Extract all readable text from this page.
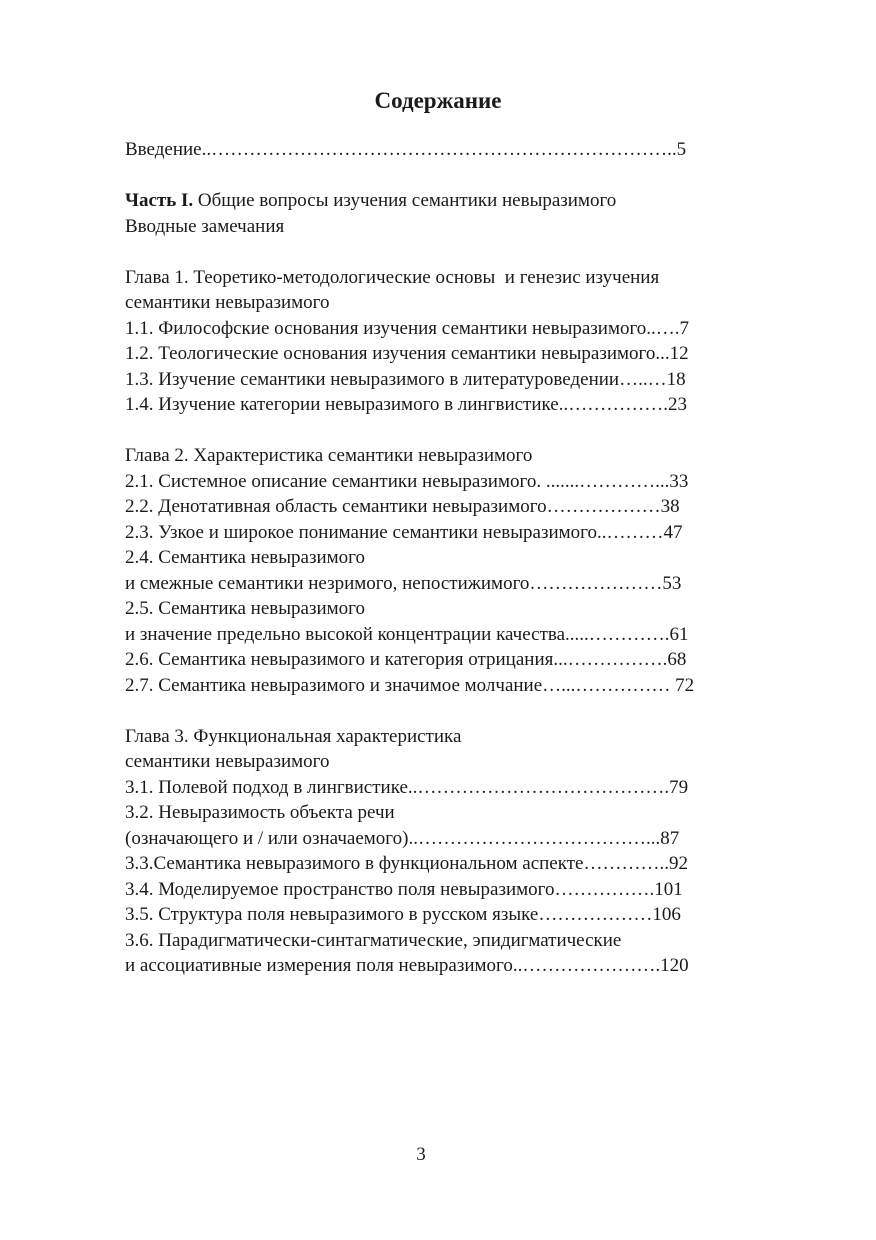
Содержание
Введение..………………………………………………………………..5
Часть I. Общие вопросы изучения семантики невыразимого
Вводные замечания
Глава 1. Теоретико-методологические основы  и генезис изучения
семантики невыразимого
1.1. Философские основания изучения семантики невыразимого..….7
1.2. Теологические основания изучения семантики невыразимого...12
1.3. Изучение семантики невыразимого в литературоведении…..…18
1.4. Изучение категории невыразимого в лингвистике..…………….23
Глава 2. Характеристика семантики невыразимого
2.1. Системное описание семантики невыразимого. .......…………...33
2.2. Денотативная область семантики невыразимого………………38
2.3. Узкое и широкое понимание семантики невыразимого..………47
2.4. Семантика невыразимого
и смежные семантики незримого, непостижимого…………………53
2.5. Семантика невыразимого
и значение предельно высокой концентрации качества.....………….61
2.6. Семантика невыразимого и категория отрицания...…………….68
2.7. Семантика невыразимого и значимое молчание…...…………… 72
Глава 3. Функциональная характеристика
семантики невыразимого
3.1. Полевой подход в лингвистике..………………………………….79
3.2. Невыразимость объекта речи
(означающего и / или означаемого)..………………………………...87
3.3.Семантика невыразимого в функциональном аспекте…………..92
3.4. Моделируемое пространство поля невыразимого…………….101
3.5. Структура поля невыразимого в русском языке………………106
3.6. Парадигматически-синтагматические, эпидигматические
и ассоциативные измерения поля невыразимого..………………….120
3
